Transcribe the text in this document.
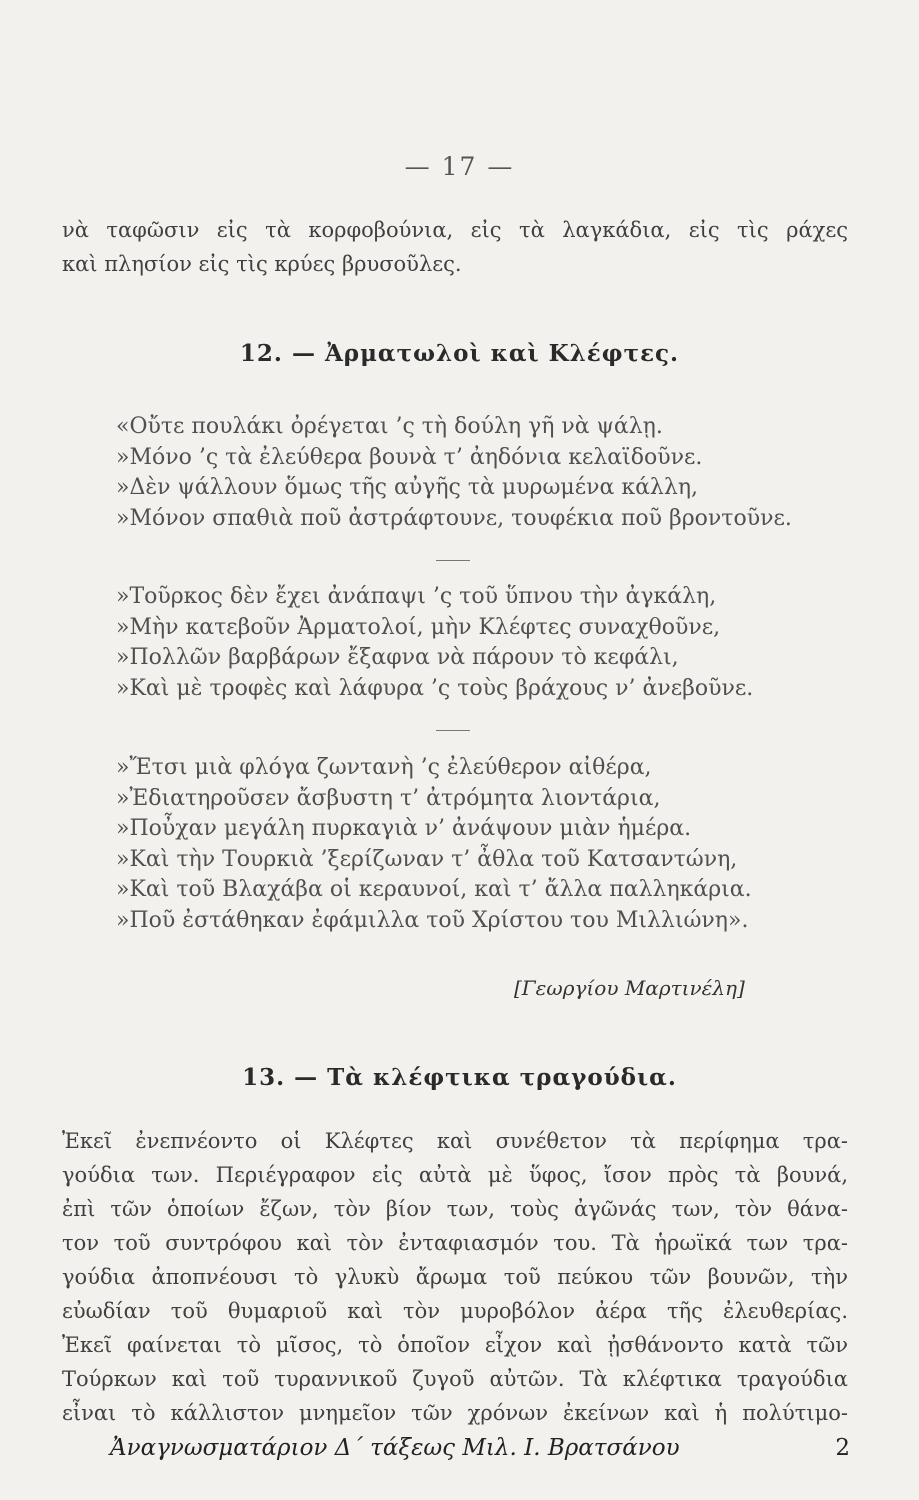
— 17 —
νὰ ταφῶσιν εἰς τὰ κορφοβούνια, εἰς τὰ λαγκάδια, εἰς τὶς ράχες
καὶ πλησίον εἰς τὶς κρύες βρυσοῦλες.
12. — Ἀρματωλοὶ καὶ Κλέφτες.
«Οὔτε πουλάκι ὀρέγεται ’ς τὴ δούλη γῆ νὰ ψάλῃ.
»Μόνο ’ς τὰ ἐλεύθερα βουνὰ τ’ ἀηδόνια κελαϊδοῦνε.
»Δὲν ψάλλουν ὅμως τῆς αὐγῆς τὰ μυρωμένα κάλλη,
»Μόνον σπαθιὰ ποῦ ἀστράφτουνε, τουφέκια ποῦ βροντοῦνε.
»Τοῦρκος δὲν ἔχει ἀνάπαψι ’ς τοῦ ὕπνου τὴν ἀγκάλη,
»Μὴν κατεβοῦν Ἀρματολοί, μὴν Κλέφτες συναχθοῦνε,
»Πολλῶν βαρβάρων ἔξαφνα νὰ πάρουν τὸ κεφάλι,
»Καὶ μὲ τροφὲς καὶ λάφυρα ’ς τοὺς βράχους ν’ ἀνεβοῦνε.
»Ἔτσι μιὰ φλόγα ζωντανὴ ’ς ἐλεύθερον αἰθέρα,
»Ἐδιατηροῦσεν ἄσβυστη τ’ ἀτρόμητα λιοντάρια,
»Ποὖχαν μεγάλη πυρκαγιὰ ν’ ἀνάψουν μιὰν ἡμέρα.
»Καὶ τὴν Τουρκιὰ ’ξερίζωναν τ’ ἆθλα τοῦ Κατσαντώνη,
»Καὶ τοῦ Βλαχάβα οἱ κεραυνοί, καὶ τ’ ἄλλα παλληκάρια.
»Ποῦ ἐστάθηκαν ἐφάμιλλα τοῦ Χρίστου του Μιλλιώνη».
[Γεωργίου Μαρτινέλη]
13. — Τὰ κλέφτικα τραγούδια.
Ἐκεῖ ἐνεπνέοντο οἱ Κλέφτες καὶ συνέθετον τὰ περίφημα τρα-
γούδια των. Περιέγραφον εἰς αὐτὰ μὲ ὕφος, ἴσον πρὸς τὰ βουνά,
ἐπὶ τῶν ὁποίων ἔζων, τὸν βίον των, τοὺς ἀγῶνάς των, τὸν θάνα-
τον τοῦ συντρόφου καὶ τὸν ἐνταφιασμόν του. Τὰ ἡρωϊκά των τρα-
γούδια ἀποπνέουσι τὸ γλυκὺ ἄρωμα τοῦ πεύκου τῶν βουνῶν, τὴν
εὐωδίαν τοῦ θυμαριοῦ καὶ τὸν μυροβόλον ἀέρα τῆς ἐλευθερίας.
Ἐκεῖ φαίνεται τὸ μῖσος, τὸ ὁποῖον εἶχον καὶ ᾐσθάνοντο κατὰ τῶν
Τούρκων καὶ τοῦ τυραννικοῦ ζυγοῦ αὐτῶν. Τὰ κλέφτικα τραγούδια
εἶναι τὸ κάλλιστον μνημεῖον τῶν χρόνων ἐκείνων καὶ ἡ πολύτιμο-
Ἀναγνωσματάριον Δ´ τάξεως Μιλ. Ι. Βρατσάνου	2
